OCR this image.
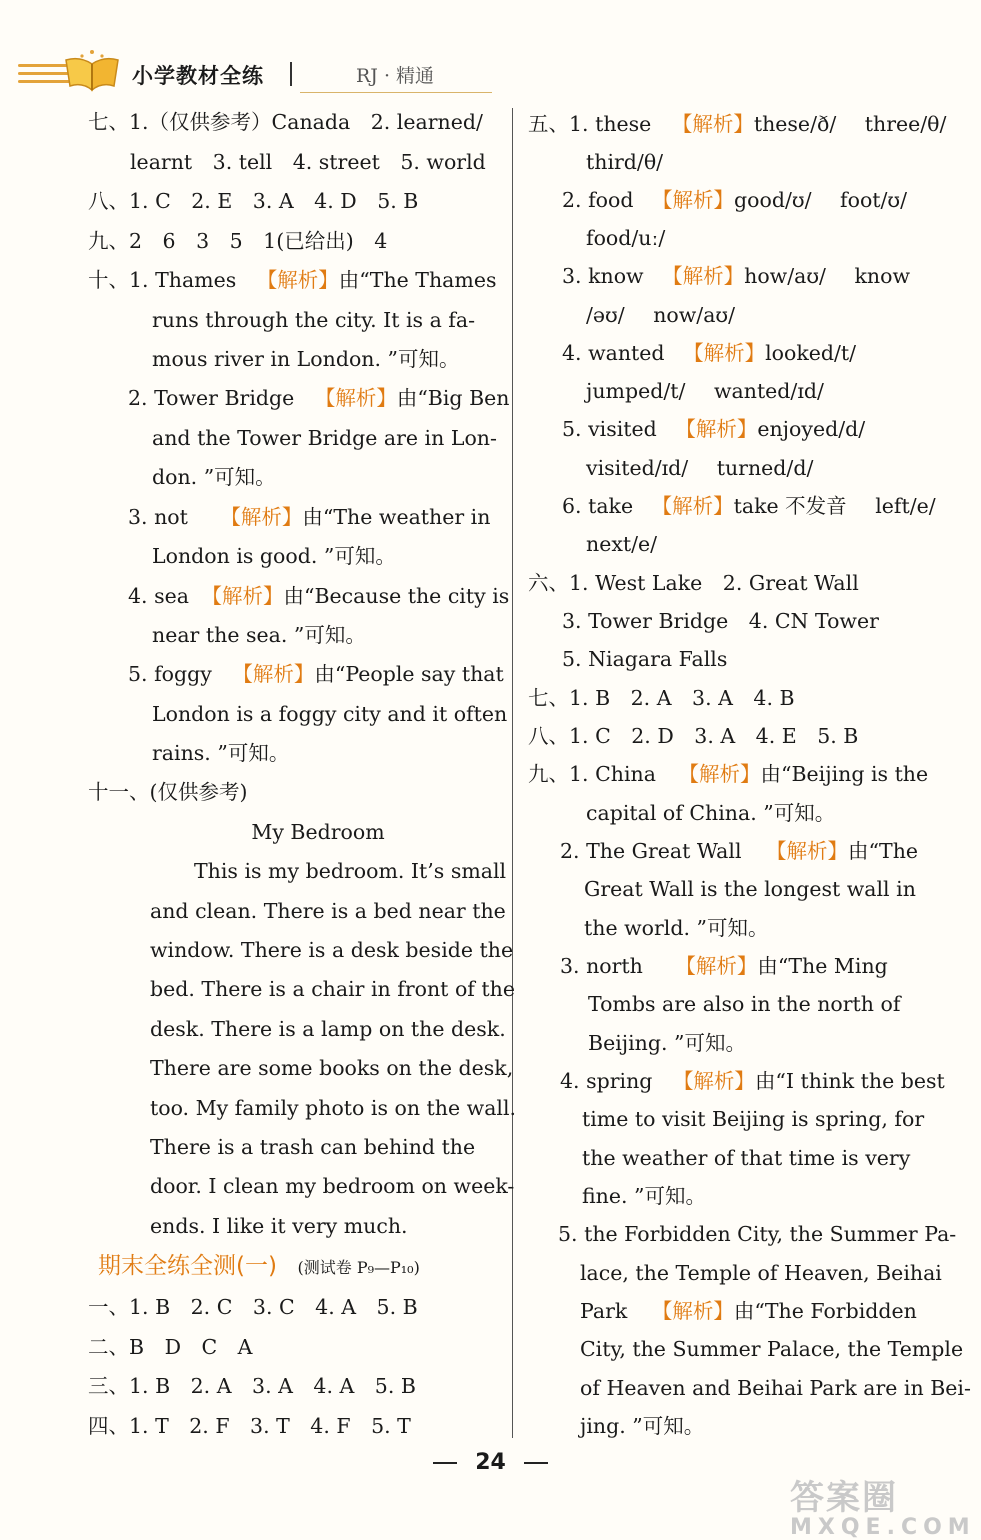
小学教材全练	RJ · 精通
七、1.（仅供参考）Canada　2. learned/
learnt　3. tell　4. street　5. world
八、1. C　2. E　3. A　4. D　5. B
九、2　6　3　5　1(已给出)　4
十、1. Thames 【解析】由“The Thames
runs through the city. It is a fa-
mous river in London. ”可知。
2. Tower Bridge 【解析】由“Big Ben
and the Tower Bridge are in Lon-
don. ”可知。
3. not 【解析】由“The weather in
London is good. ”可知。
4. sea 【解析】由“Because the city is
near the sea. ”可知。
5. foggy 【解析】由“People say that
London is a foggy city and it often
rains. ”可知。
十一、(仅供参考)
My Bedroom
This is my bedroom. It’s small
and clean. There is a bed near the
window. There is a desk beside the
bed. There is a chair in front of the
desk. There is a lamp on the desk.
There are some books on the desk,
too. My family photo is on the wall.
There is a trash can behind the
door. I clean my bedroom on week-
ends. I like it very much.
期末全练全测(一) (测试卷 P₉—P₁₀)
一、1. B　2. C　3. C　4. A　5. B
二、B　D　C　A
三、1. B　2. A　3. A　4. A　5. B
四、1. T　2. F　3. T　4. F　5. T
五、1. these 【解析】these/ð/ three/θ/
third/θ/
2. food 【解析】good/ʊ/ foot/ʊ/
food/uː/
3. know 【解析】how/aʊ/ know
/əʊ/ now/aʊ/
4. wanted 【解析】looked/t/
jumped/t/ wanted/ɪd/
5. visited 【解析】enjoyed/d/
visited/ɪd/ turned/d/
6. take 【解析】take 不发音 left/e/
next/e/
六、1. West Lake　2. Great Wall
3. Tower Bridge　4. CN Tower
5. Niagara Falls
七、1. B　2. A　3. A　4. B
八、1. C　2. D　3. A　4. E　5. B
九、1. China 【解析】由“Beijing is the
capital of China. ”可知。
2. The Great Wall 【解析】由“The
Great Wall is the longest wall in
the world. ”可知。
3. north 【解析】由“The Ming
Tombs are also in the north of
Beijing. ”可知。
4. spring 【解析】由“I think the best
time to visit Beijing is spring, for
the weather of that time is very
fine. ”可知。
5. the Forbidden City, the Summer Pa-
lace, the Temple of Heaven, Beihai
Park 【解析】由“The Forbidden
City, the Summer Palace, the Temple
of Heaven and Beihai Park are in Bei-
jing. ”可知。
24
答案圈
MXQE.COM
